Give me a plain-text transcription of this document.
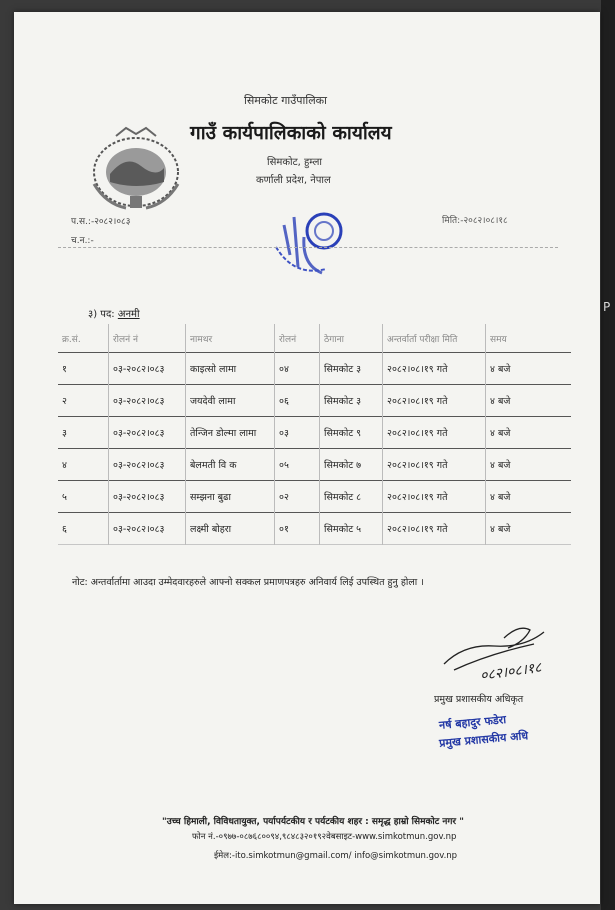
P
सिमकोट गाउँपालिका
गाउँ कार्यपालिकाको कार्यालय
सिमकोट, हुम्ला
कर्णाली प्रदेश, नेपाल
प.स.:-२०८२।०८३
च.न.:-
मिति:-२०८२।०८।१८
३) पद: अनमी
क्र.सं.	रोलनं नं	नामथर	रोलनं	ठेगाना	अन्तर्वार्ता परीक्षा मिति	समय
१	०३-२०८२।०८३	काइत्सो लामा	०४	सिमकोट ३	२०८२।०८।१९ गते	४ बजे
२	०३-२०८२।०८३	जयदेवी लामा	०६	सिमकोट ३	२०८२।०८।१९ गते	४ बजे
३	०३-२०८२।०८३	तेन्जिन डोल्मा लामा	०३	सिमकोट ९	२०८२।०८।१९ गते	४ बजे
४	०३-२०८२।०८३	बेलमती वि क	०५	सिमकोट ७	२०८२।०८।१९ गते	४ बजे
५	०३-२०८२।०८३	सम्झना बुढा	०२	सिमकोट ८	२०८२।०८।१९ गते	४ बजे
६	०३-२०८२।०८३	लक्ष्मी बोहरा	०१	सिमकोट ५	२०८२।०८।१९ गते	४ बजे
नोट: अन्तर्वार्तामा आउदा उम्मेदवारहरुले आफ्नो सक्कल प्रमाणपत्रहरु अनिवार्य लिई उपस्थित हुनु होला ।
०८२।०८।१८
प्रमुख प्रशासकीय अधिकृत
नर्ष बहादुर फडेरा
प्रमुख प्रशासकीय अधि
"उच्च हिमाली, विविधतायुक्त, पर्यापर्यटकीय र पर्यटकीय शहर : समृद्ध हाम्रो सिमकोट नगर "
फोन नं.-०९७७-०८७६८००९४,९८४८३२०१९२वेबसाइट-www.simkotmun.gov.np
ईमेल:-ito.simkotmun@gmail.com/ info@simkotmun.gov.np
